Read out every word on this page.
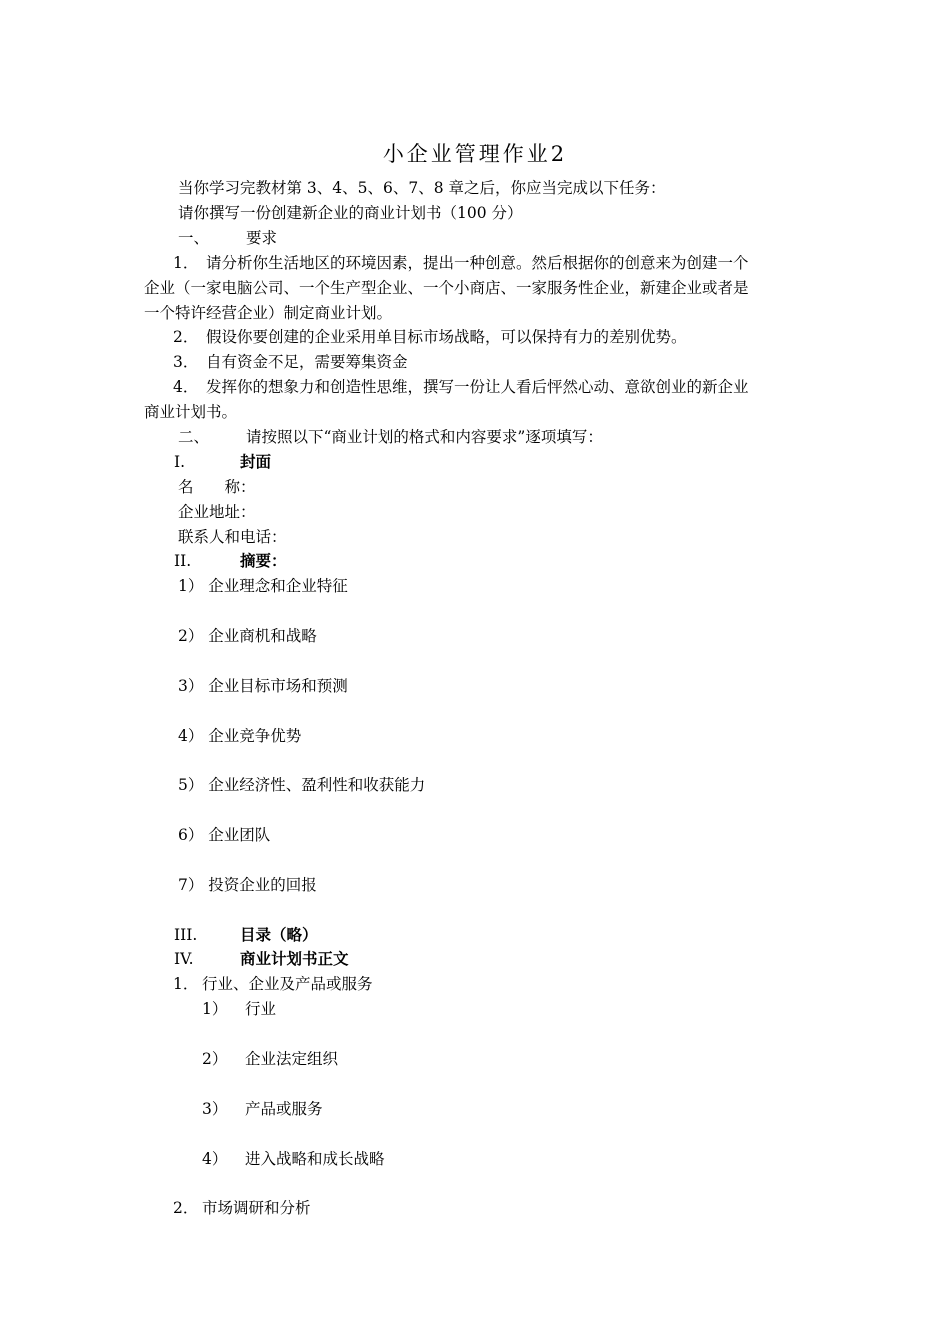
小企业管理作业2
当你学习完教材第 3、4、5、6、7、8 章之后，你应当完成以下任务：
请你撰写一份创建新企业的商业计划书（100 分）
一、 要求
1． 请分析你生活地区的环境因素，提出一种创意。然后根据你的创意来为创建一个
企业（一家电脑公司、一个生产型企业、一个小商店、一家服务性企业，新建企业或者是
一个特许经营企业）制定商业计划。
2． 假设你要创建的企业采用单目标市场战略，可以保持有力的差别优势。
3． 自有资金不足，需要筹集资金
4． 发挥你的想象力和创造性思维，撰写一份让人看后怦然心动、意欲创业的新企业
商业计划书。
二、 请按照以下“商业计划的格式和内容要求”逐项填写：
I.	封面
名　　称：
企业地址：
联系人和电话：
II.	摘要：
1） 企业理念和企业特征
2） 企业商机和战略
3） 企业目标市场和预测
4） 企业竞争优势
5） 企业经济性、盈利性和收获能力
6） 企业团队
7） 投资企业的回报
III.	目录（略）
IV.	商业计划书正文
1． 行业、企业及产品或服务
1） 行业
2） 企业法定组织
3） 产品或服务
4） 进入战略和成长战略
2． 市场调研和分析
